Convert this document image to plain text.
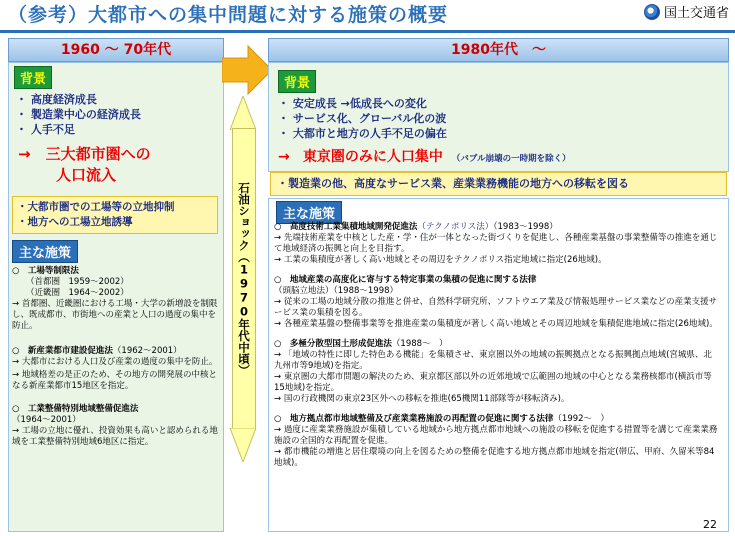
（参考）大都市への集中問題に対する施策の概要	国土交通省
1960 〜 70年代
背景
・ 高度経済成長
・ 製造業中心の経済成長
・ 人手不足
→　三大都市圏への
人口流入
・大都市圏での工場等の立地抑制
・地方への工場立地誘導
主な施策
○　工場等制限法
（首都圏　1959〜2002）
（近畿圏　1964〜2002）
→ 首都圏、近畿圏における工場・大学の新増設を制限し、既成都市、市街地への産業と人口の過度の集中を防止。
○　新産業都市建設促進法（1962〜2001）
→ 大都市における人口及び産業の過度の集中を防止。
→ 地域格差の是正のため、その地方の開発展の中核となる新産業都市15地区を指定。
○　工業整備特別地域整備促進法
（1964〜2001）
→ 工場の立地に優れ、投資効果も高いと認められる地域を工業整備特別地域6地区に指定。
石油ショック（1970年代中頃）
1980年代　〜
背景
・ 安定成長 →低成長への変化
・ サービス化、グローバル化の波
・ 大都市と地方の人手不足の偏在
→ 東京圏のみに人口集中 （バブル崩壊の一時期を除く）
・製造業の他、高度なサービス業、産業業務機能の地方への移転を図る
主な施策
○　高度技術工業集積地域開発促進法（テクノポリス法）（1983〜1998）
→ 先端技術産業を中核とした産・学・住が一体となった街づくりを促進し、各種産業基盤の事業整備等の推進を通じて地域経済の振興と向上を目指す。
→ 工業の集積度が著しく高い地域とその周辺をテクノポリス指定地域に指定(26地域)。
○　地域産業の高度化に寄与する特定事業の集積の促進に関する法律
（頭脳立地法）（1988〜1998）
→ 従来の工場の地域分散の推進と併せ、自然科学研究所、ソフトウエア業及び情報処理サービス業などの産業支援サービス業の集積を図る。
→ 各種産業基盤の整備事業等を推進産業の集積度が著しく高い地域とその周辺地域を集積促進地域に指定(26地域)。
○　多極分散型国土形成促進法（1988〜　）
→ 「地域の特性に即した特色ある機能」を集積させ、東京圏以外の地域の振興拠点となる振興拠点地域(宮城県、北九州市等9地域)を指定。
→ 東京圏の大都市問題の解決のため、東京都区部以外の近郊地域で広範囲の地域の中心となる業務核都市(横浜市等15地域)を指定。
→ 国の行政機関の東京23区外への移転を推進(65機関11部隊等が移転済み)。
○　地方拠点都市地域整備及び産業業務施設の再配置の促進に関する法律（1992〜　）
→ 過度に産業業務施設が集積している地域から地方拠点都市地域への施設の移転を促進する措置等を講じて産業業務施設の全国的な再配置を促進。
→ 都市機能の増進と居住環境の向上を図るための整備を促進する地方拠点都市地域を指定(帯広、甲府、久留米等84地域)。
22
